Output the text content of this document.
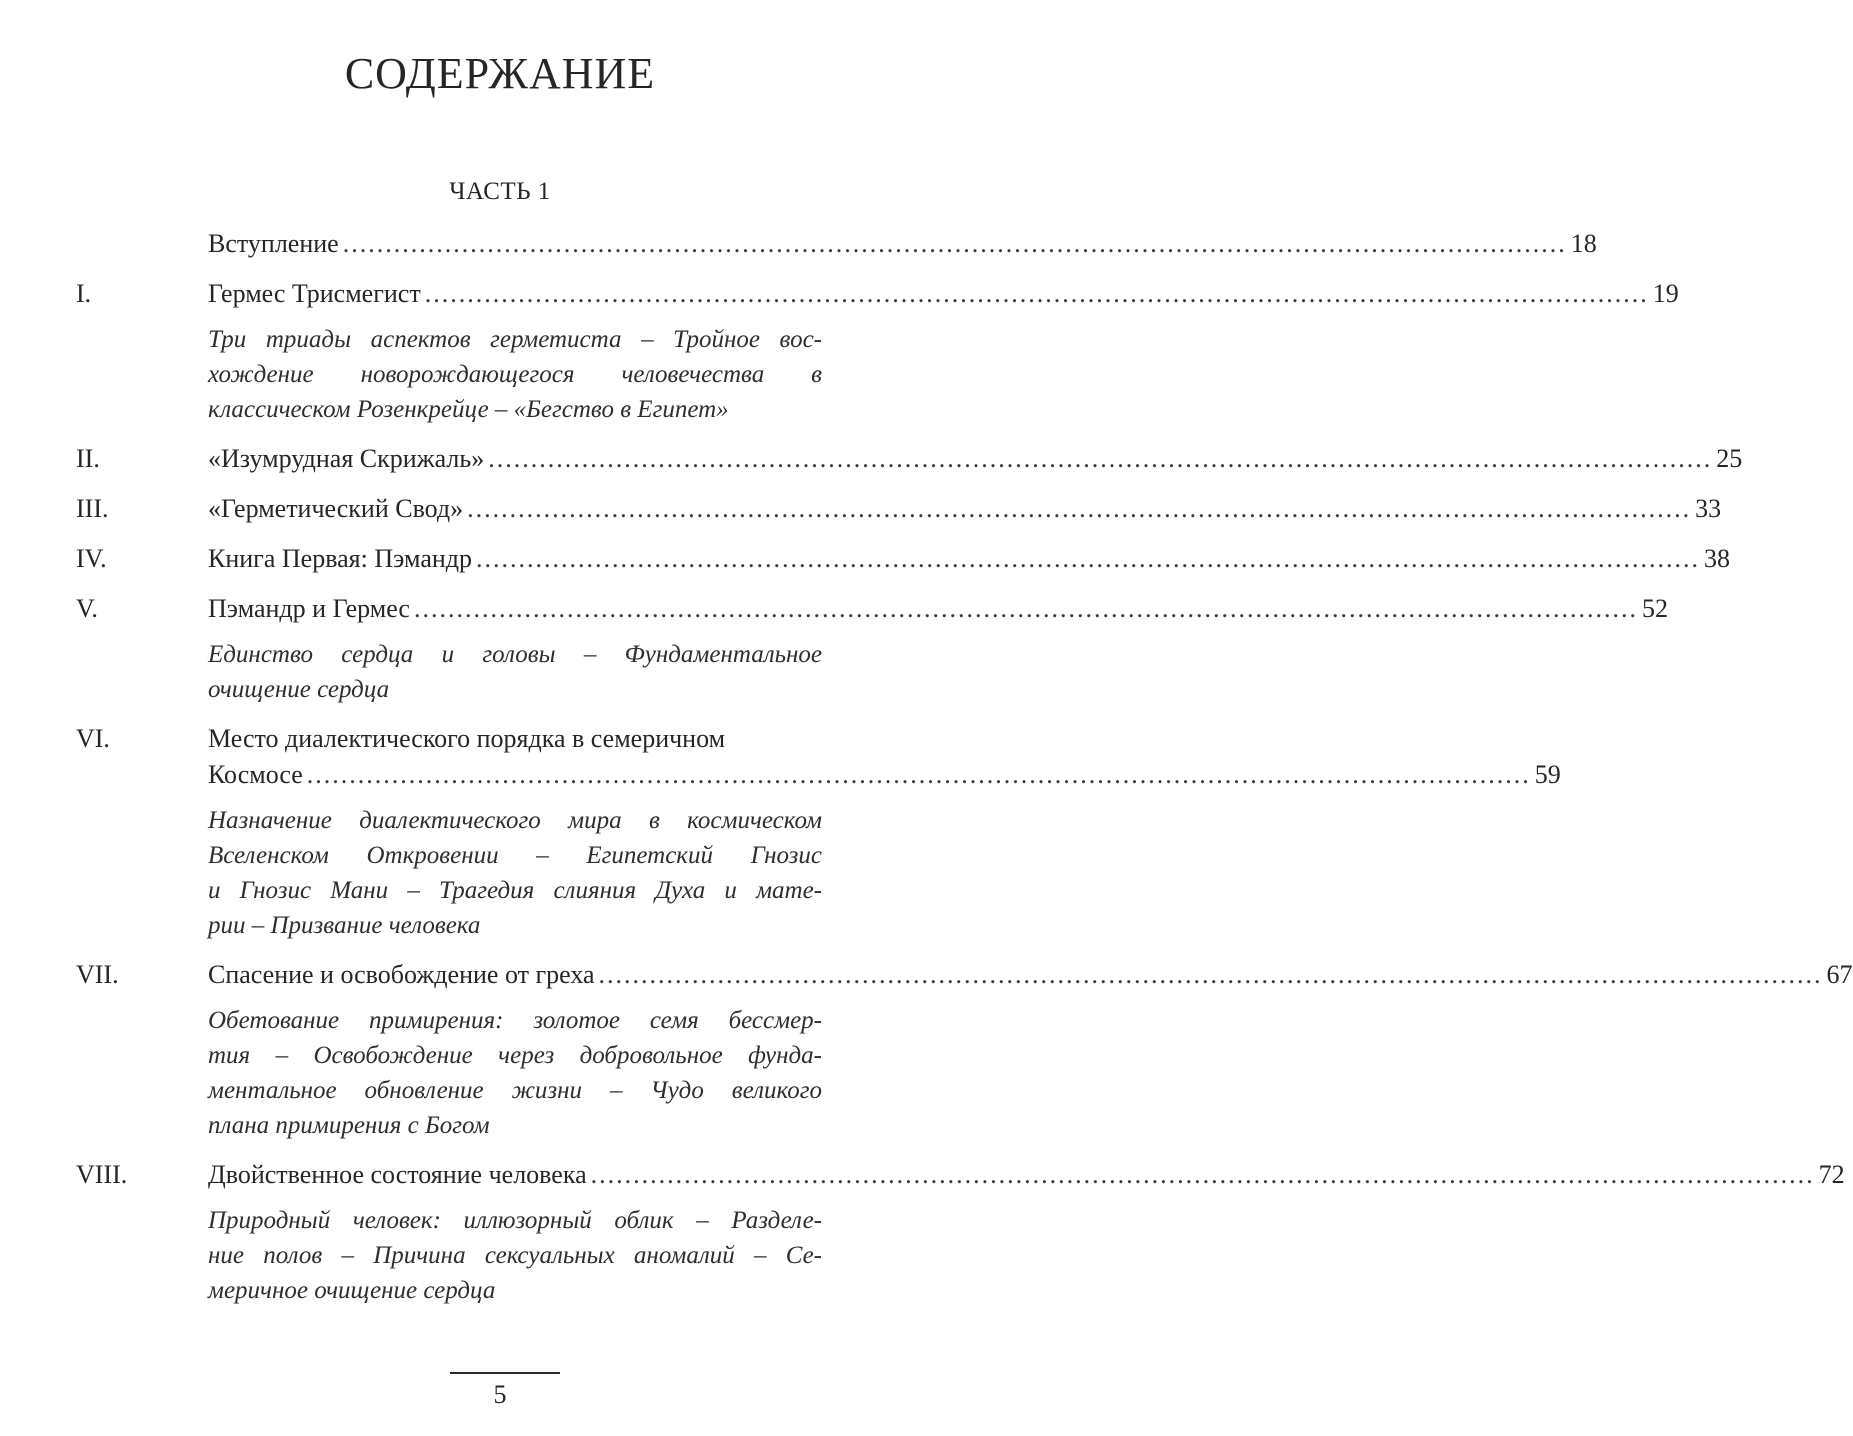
СОДЕРЖАНИЕ
ЧАСТЬ 1
Вступление ................................................................................................................................................ 18
I.	Гермес Трисмегист ................................................................................................................................................ 19
Три триады аспектов герметиста – Тройное вос-
хождение новорождающегося человечества в
классическом Розенкрейце – «Бегство в Египет»
II.	«Изумрудная Скрижаль» ................................................................................................................................................ 25
III.	«Герметический Свод» ................................................................................................................................................ 33
IV.	Книга Первая: Пэмандр ................................................................................................................................................ 38
V.	Пэмандр и Гермес ................................................................................................................................................ 52
Единство сердца и головы – Фундаментальное
очищение сердца
VI.	Место диалектического порядка в семеричном
Космосе ................................................................................................................................................ 59
Назначение диалектического мира в космическом
Вселенском Откровении – Египетский Гнозис
и Гнозис Мани – Трагедия слияния Духа и мате-
рии – Призвание человека
VII.	Спасение и освобождение от греха ................................................................................................................................................ 67
Обетование примирения: золотое семя бессмер-
тия – Освобождение через добровольное фунда-
ментальное обновление жизни – Чудо великого
плана примирения с Богом
VIII.	Двойственное состояние человека ................................................................................................................................................ 72
Природный человек: иллюзорный облик – Разделе-
ние полов – Причина сексуальных аномалий – Се-
меричное очищение сердца
5
